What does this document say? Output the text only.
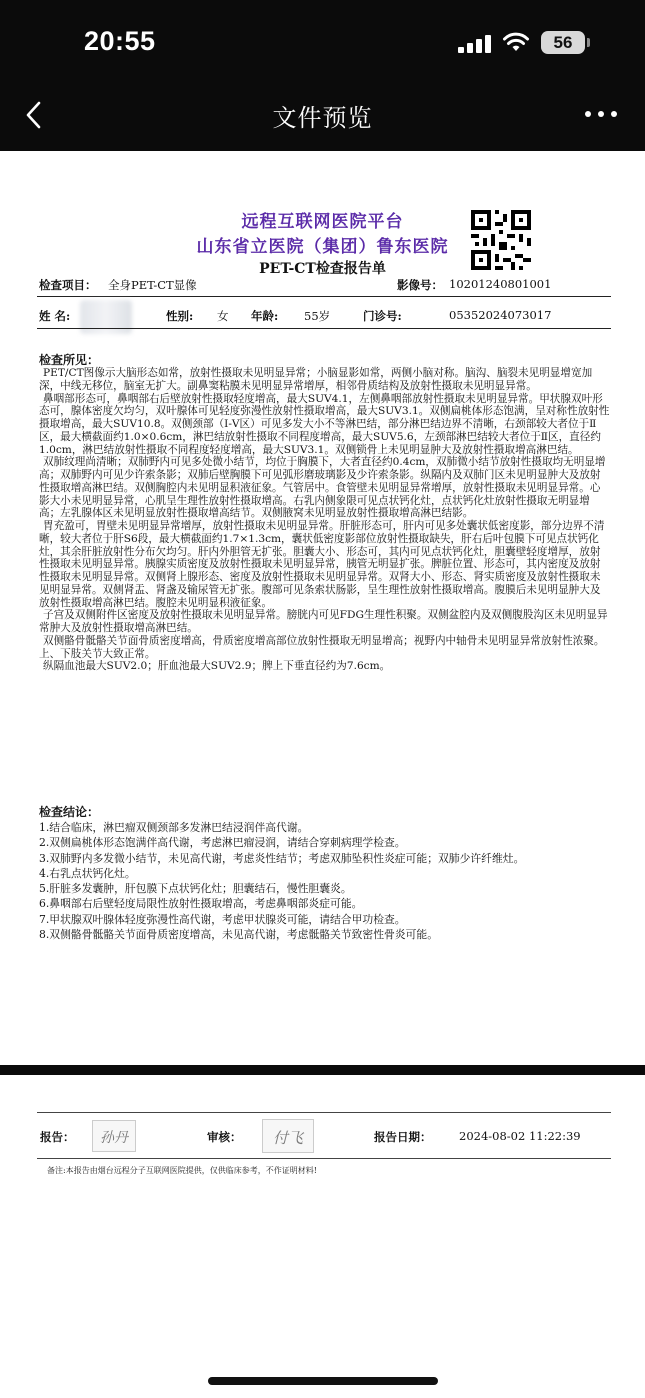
20:55	56
文件预览
远程互联网医院平台
山东省立医院（集团）鲁东医院
PET-CT检查报告单
检查项目： 全身PET-CT显像	影像号： 10201240801001
姓 名:	性别: 女 年龄: 55岁	门诊号:	05352024073017
检查所见：

PET/CT图像示大脑形态如常，放射性摄取未见明显异常；小脑显影如常，两侧小脑对称。脑沟、脑裂未见明显增宽加深，中线无移位，脑室无扩大。副鼻窦粘膜未见明显异常增厚，相邻骨质结构及放射性摄取未见明显异常。

鼻咽部形态可，鼻咽部右后壁放射性摄取轻度增高，最大SUV4.1，左侧鼻咽部放射性摄取未见明显异常。甲状腺双叶形态可，腺体密度欠均匀，双叶腺体可见轻度弥漫性放射性摄取增高，最大SUV3.1。双侧扁桃体形态饱满，呈对称性放射性摄取增高，最大SUV10.8。双侧颈部（Ⅰ-Ⅴ区）可见多发大小不等淋巴结，部分淋巴结边界不清晰，右颈部较大者位于Ⅱ区，最大横截面约1.0×0.6cm，淋巴结放射性摄取不同程度增高，最大SUV5.6，左颈部淋巴结较大者位于Ⅱ区，直径约1.0cm，淋巴结放射性摄取不同程度轻度增高，最大SUV3.1。双侧锁骨上未见明显肿大及放射性摄取增高淋巴结。

双肺纹理尚清晰；双肺野内可见多处微小结节，均位于胸膜下，大者直径约0.4cm，双肺微小结节放射性摄取均无明显增高；双肺野内可见少许索条影；双肺后壁胸膜下可见弧形磨玻璃影及少许索条影。纵隔内及双肺门区未见明显肿大及放射性摄取增高淋巴结。双侧胸腔内未见明显积液征象。气管居中。食管壁未见明显异常增厚，放射性摄取未见明显异常。心影大小未见明显异常，心肌呈生理性放射性摄取增高。右乳内侧象限可见点状钙化灶，点状钙化灶放射性摄取无明显增高；左乳腺体区未见明显放射性摄取增高结节。双侧腋窝未见明显放射性摄取增高淋巴结影。

胃充盈可，胃壁未见明显异常增厚，放射性摄取未见明显异常。肝脏形态可，肝内可见多处囊状低密度影，部分边界不清晰，较大者位于肝S6段，最大横截面约1.7×1.3cm，囊状低密度影部位放射性摄取缺失，肝右后叶包膜下可见点状钙化灶，其余肝脏放射性分布欠均匀。肝内外胆管无扩张。胆囊大小、形态可，其内可见点状钙化灶，胆囊壁轻度增厚，放射性摄取未见明显异常。胰腺实质密度及放射性摄取未见明显异常，胰管无明显扩张。脾脏位置、形态可，其内密度及放射性摄取未见明显异常。双侧肾上腺形态、密度及放射性摄取未见明显异常。双肾大小、形态、肾实质密度及放射性摄取未见明显异常。双侧肾盂、肾盏及输尿管无扩张。腹部可见条索状肠影，呈生理性放射性摄取增高。腹膜后未见明显肿大及放射性摄取增高淋巴结。腹腔未见明显积液征象。

子宫及双侧附件区密度及放射性摄取未见明显异常。膀胱内可见FDG生理性积聚。双侧盆腔内及双侧腹股沟区未见明显异常肿大及放射性摄取增高淋巴结。

双侧骼骨骶骼关节面骨质密度增高，骨质密度增高部位放射性摄取无明显增高；视野内中轴骨未见明显异常放射性浓聚。上、下肢关节大致正常。

纵隔血池最大SUV2.0；肝血池最大SUV2.9；脾上下垂直径约为7.6cm。

检查结论：
1.结合临床，淋巴瘤双侧颈部多发淋巴结浸润伴高代谢。
2.双侧扁桃体形态饱满伴高代谢，考虑淋巴瘤浸润，请结合穿刺病理学检查。
3.双肺野内多发微小结节，未见高代谢，考虑炎性结节；考虑双肺坠积性炎症可能；双肺少许纤维灶。
4.右乳点状钙化灶。
5.肝脏多发囊肿，肝包膜下点状钙化灶；胆囊结石，慢性胆囊炎。
6.鼻咽部右后壁轻度局限性放射性摄取增高，考虑鼻咽部炎症可能。
7.甲状腺双叶腺体轻度弥漫性高代谢，考虑甲状腺炎可能，请结合甲功检查。
8.双侧骼骨骶骼关节面骨质密度增高，未见高代谢，考虑骶骼关节致密性骨炎可能。
报告：	孙丹	审核：	付飞	报告日期： 2024-08-02 11:22:39
备注:本报告由烟台远程分子互联网医院提供，仅供临床参考，不作证明材料!
